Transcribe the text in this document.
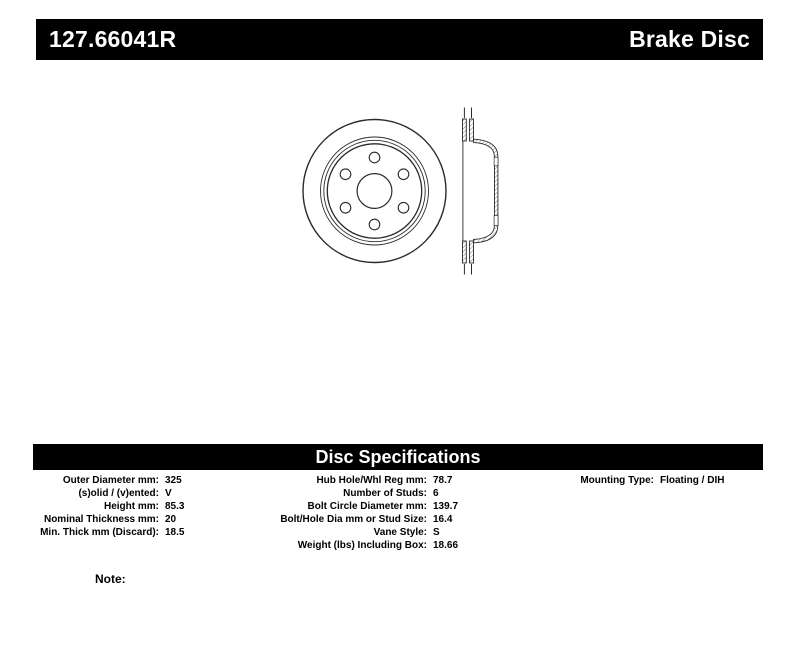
127.66041R	Brake Disc
Disc Specifications
Outer Diameter mm: 325
(s)olid / (v)ented: V
Height mm: 85.3
Nominal Thickness mm: 20
Min. Thick mm (Discard): 18.5
Hub Hole/Whl Reg mm: 78.7
Number of Studs: 6
Bolt Circle Diameter mm: 139.7
Bolt/Hole Dia mm or Stud Size: 16.4
Vane Style: S
Weight (lbs) Including Box: 18.66
Mounting Type: Floating / DIH
Note:
